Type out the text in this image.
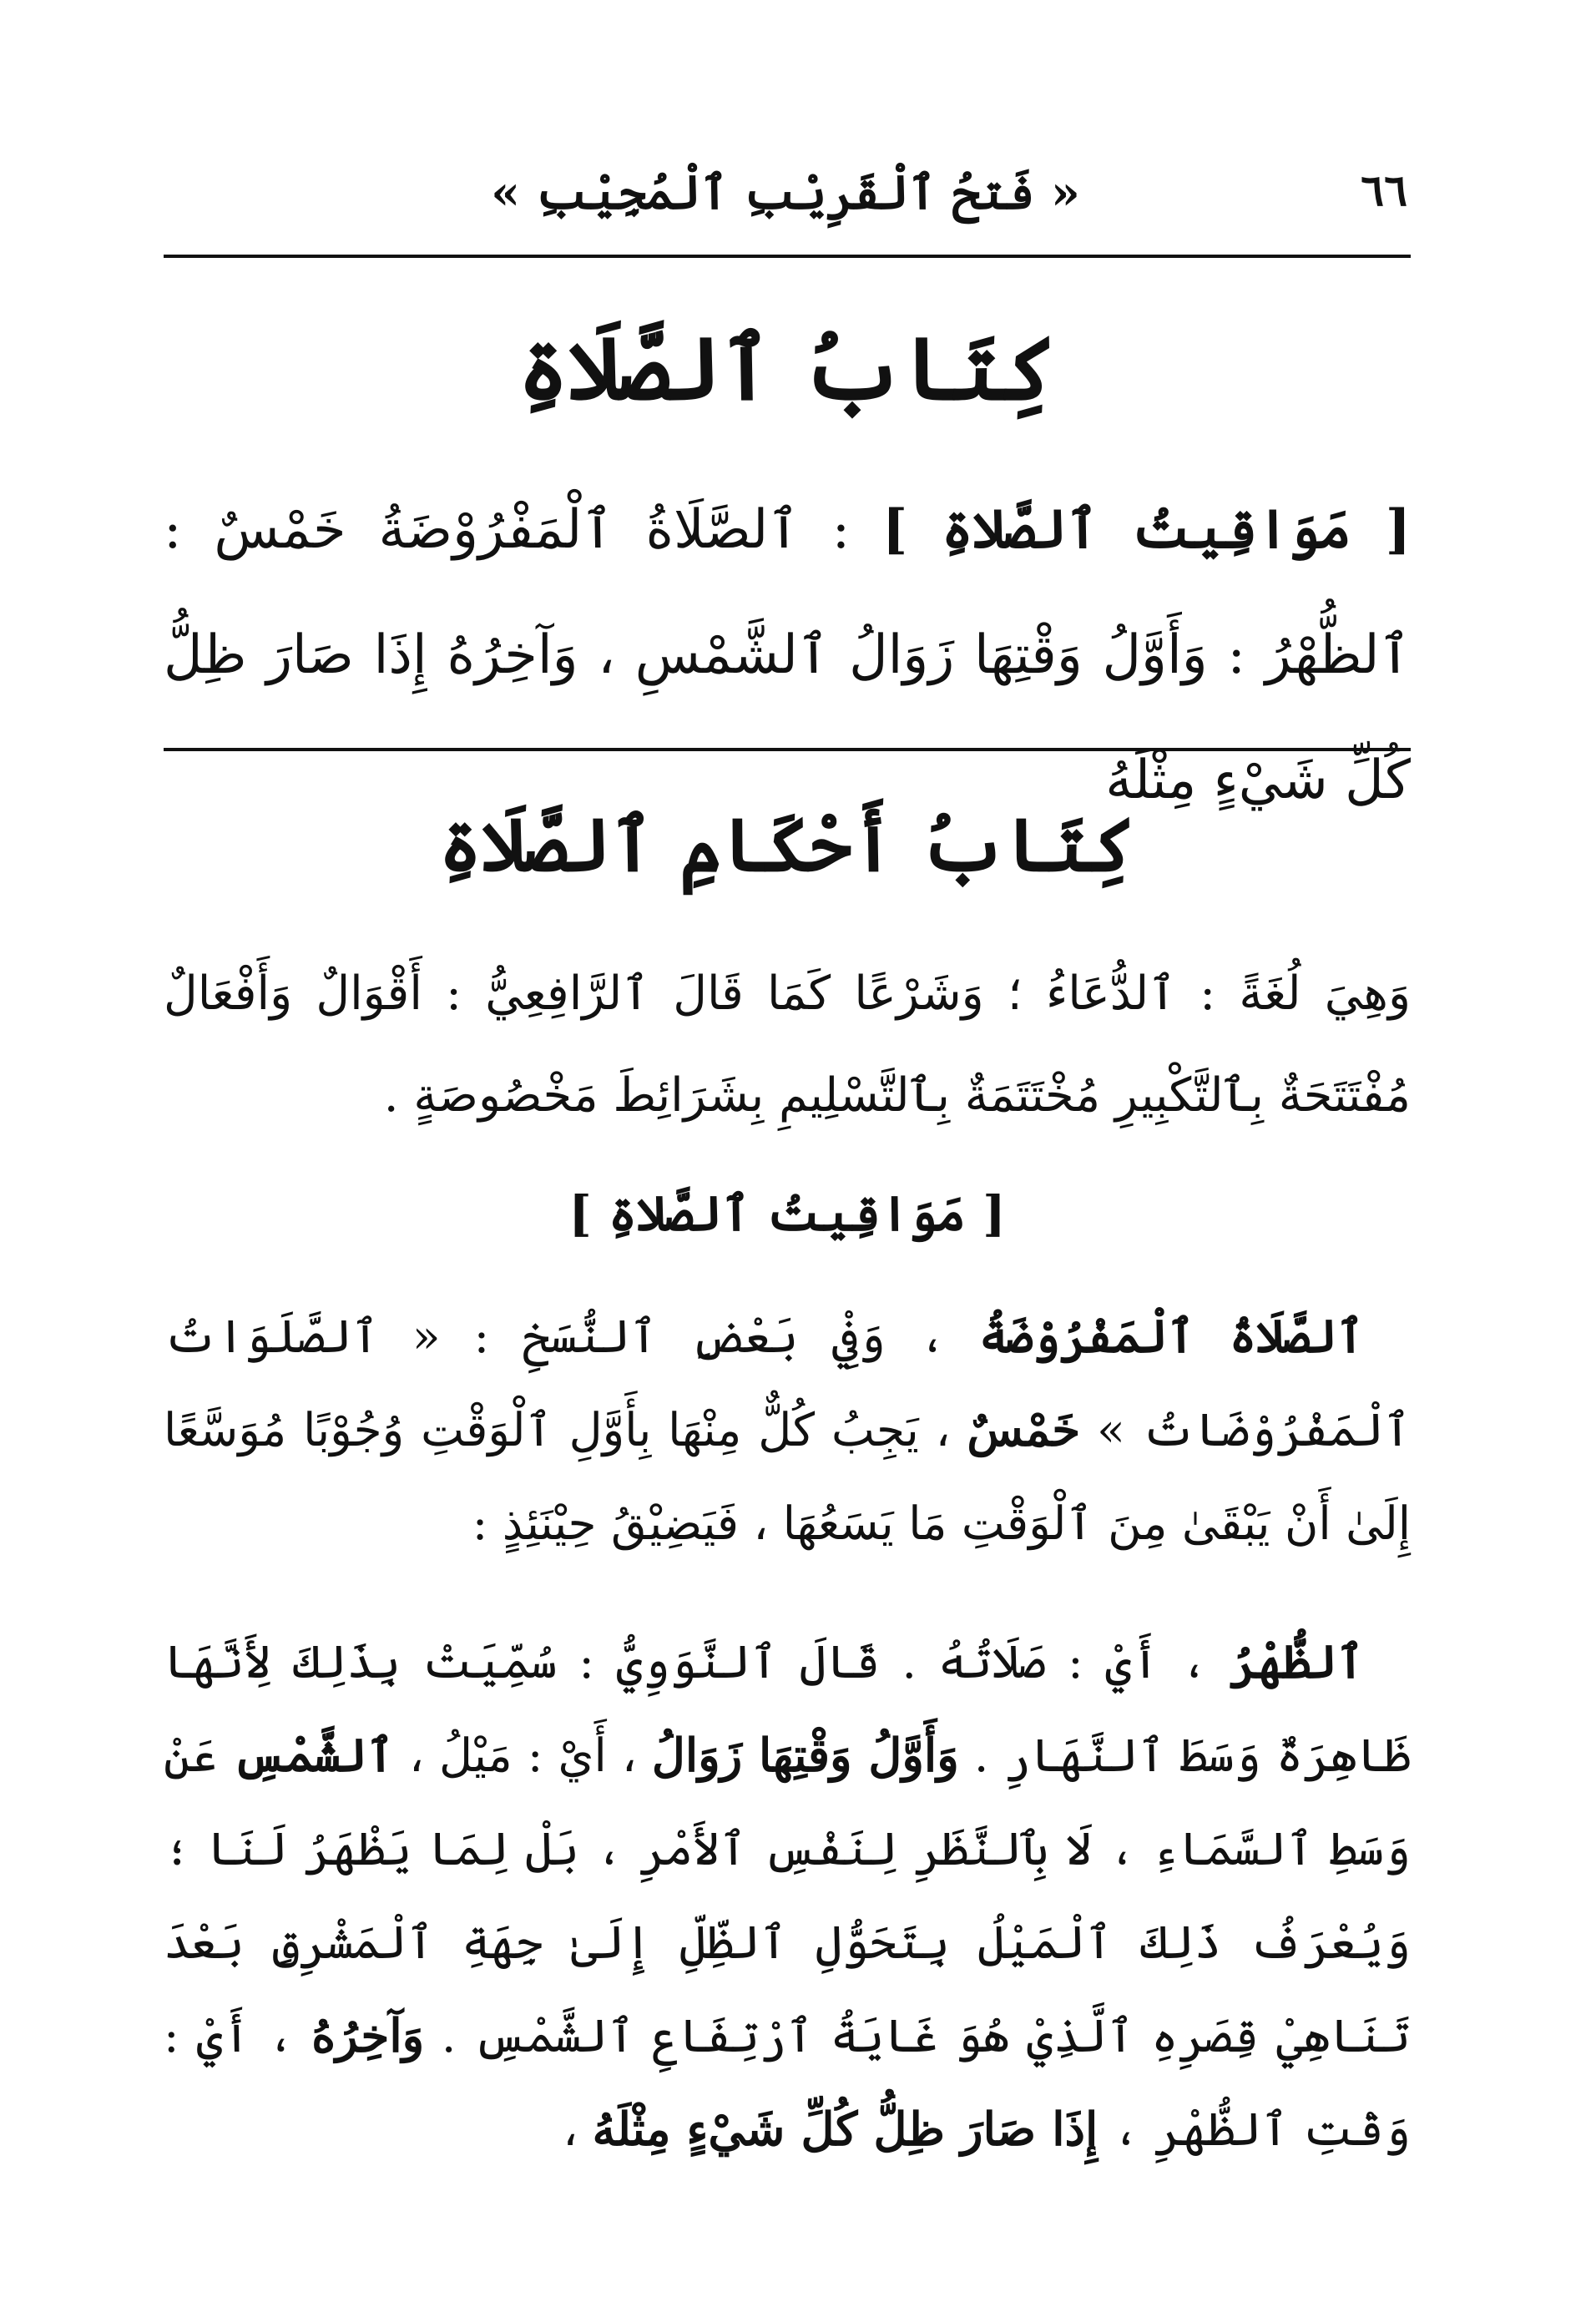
٦٦
« فَتحُ ٱلْقَرِيْبِ ٱلْمُجِيْبِ »
كِتَابُ ٱلصَّلَاةِ
[ مَوَاقِيتُ ٱلصَّلاةِ ] : ٱلصَّلَاةُ ٱلْمَفْرُوْضَةُ خَمْسٌ : ٱلظُّهْرُ : وَأَوَّلُ وَقْتِهَا زَوَالُ ٱلشَّمْسِ ، وَآخِرُهُ إِذَا صَارَ ظِلُّ كُلِّ شَيْءٍ مِثْلَهُ
كِتَابُ أَحْكَامِ ٱلصَّلَاةِ
وَهِيَ لُغَةً : ٱلدُّعَاءُ ؛ وَشَرْعًا كَمَا قَالَ ٱلرَّافِعِيُّ : أَقْوَالٌ وَأَفْعَالٌ مُفْتَتَحَةٌ بِٱلتَّكْبِيرِ مُخْتَتَمَةٌ بِٱلتَّسْلِيمِ بِشَرَائِطَ مَخْصُوصَةٍ .
[ مَوَاقِيتُ ٱلصَّلاةِ ]
ٱلصَّلَاةُ ٱلْمَفْرُوْضَةُ ، وَفِيْ بَعْضِ ٱلنُّسَخِ : « ٱلصَّلَوَاتُ ٱلْمَفْرُوْضَاتُ » خَمْسٌ ، يَجِبُ كُلٌّ مِنْهَا بِأَوَّلِ ٱلْوَقْتِ وُجُوْبًا مُوَسَّعًا إِلَىٰ أَنْ يَبْقَىٰ مِنَ ٱلْوَقْتِ مَا يَسَعُهَا ، فَيَضِيْقُ حِيْنَئِذٍ :
ٱلظُّهْرُ ، أَيْ : صَلَاتُهُ . قَالَ ٱلنَّوَوِيُّ : سُمِّيَتْ بِذَلِكَ لِأَنَّهَا ظَاهِرَةٌ وَسَطَ ٱلنَّهَارِ . وَأَوَّلُ وَقْتِهَا زَوَالُ ، أَيْ : مَيْلُ ، ٱلشَّمْسِ عَنْ وَسَطِ ٱلسَّمَاءِ ، لَا بِٱلنَّظَرِ لِنَفْسِ ٱلأَمْرِ ، بَلْ لِمَا يَظْهَرُ لَنَا ؛ وَيُعْرَفُ ذَلِكَ ٱلْمَيْلُ بِتَحَوُّلِ ٱلظِّلِّ إِلَىٰ جِهَةِ ٱلْمَشْرِقِ بَعْدَ تَنَاهِيْ قِصَرِهِ ٱلَّذِيْ هُوَ غَايَةُ ٱرْتِفَاعِ ٱلشَّمْسِ . وَآخِرُهُ ، أَيْ : وَقْتِ ٱلظُّهْرِ ، إِذَا صَارَ ظِلُّ كُلِّ شَيْءٍ مِثْلَهُ ،
